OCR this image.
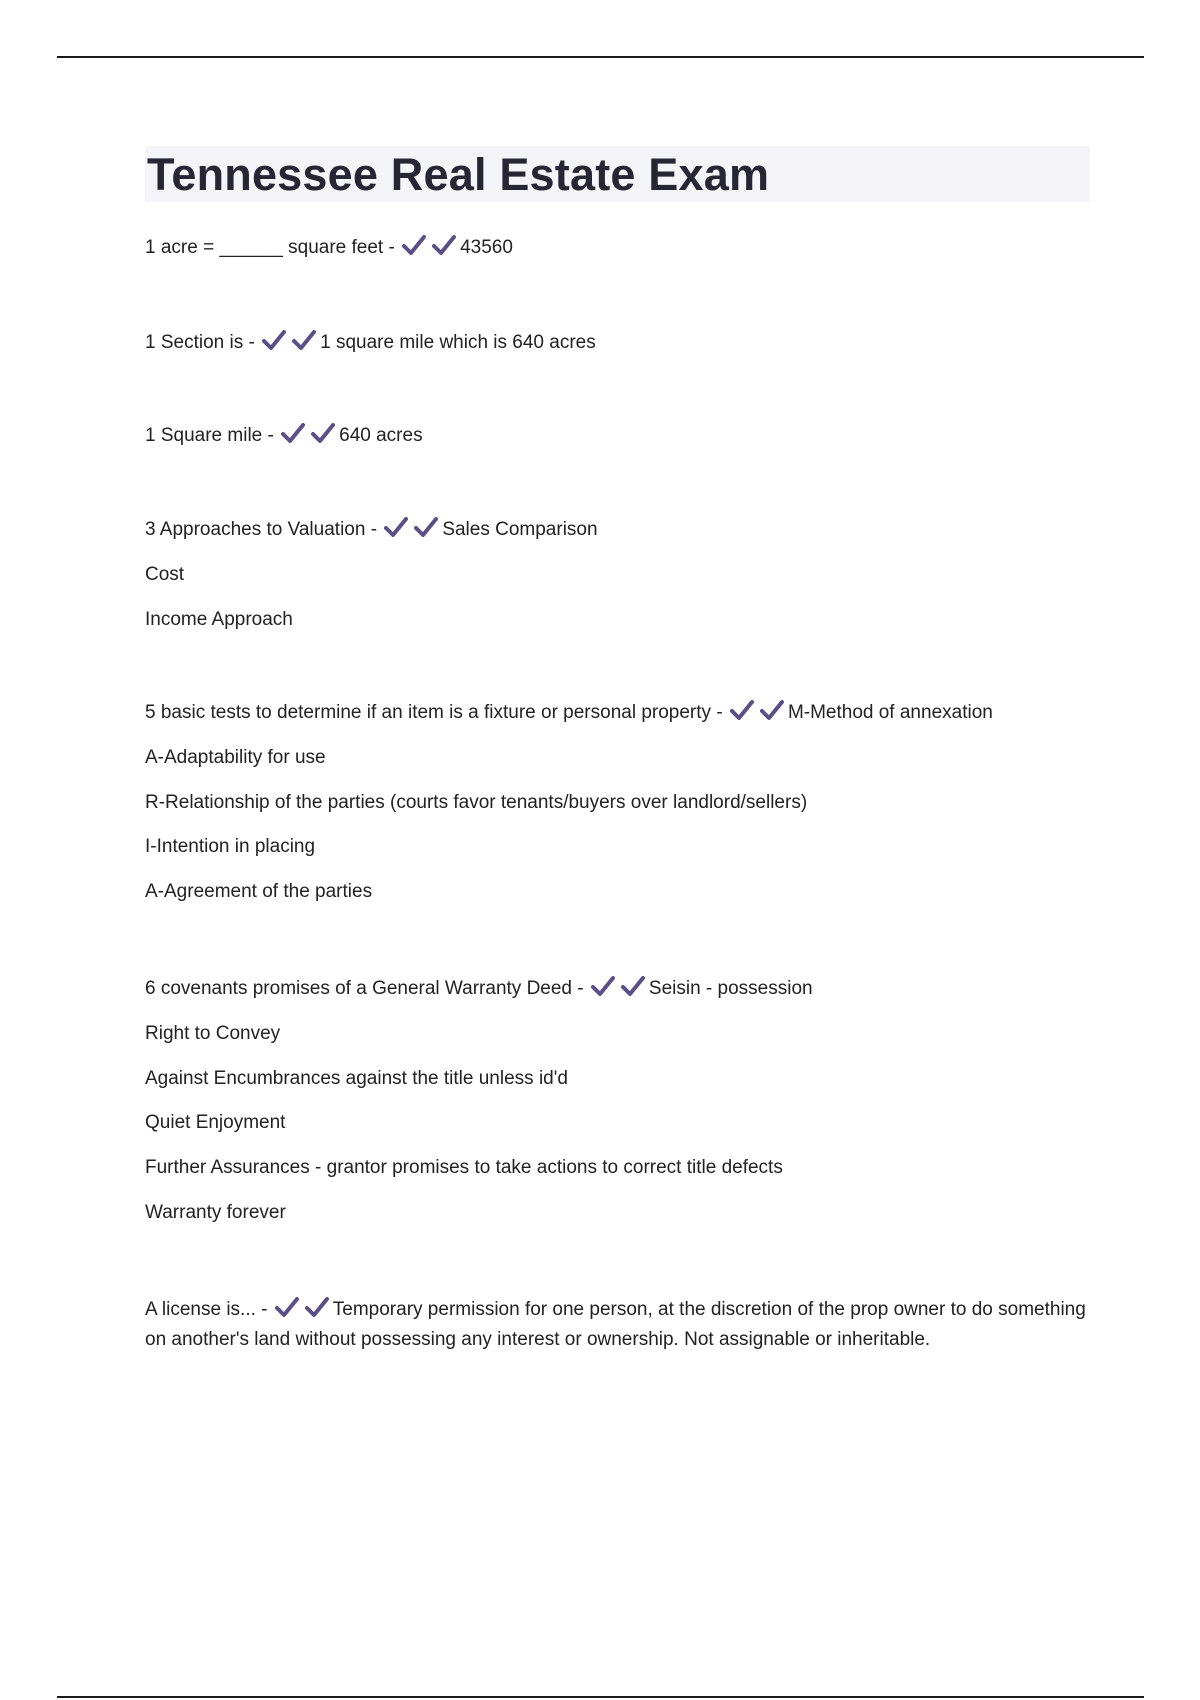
Tennessee Real Estate Exam

1 acre = ______ square feet -	43560

1 Section is -	1 square mile which is 640 acres

1 Square mile -	640 acres

3 Approaches to Valuation -	Sales Comparison

Cost

Income Approach

5 basic tests to determine if an item is a fixture or personal property -	M-Method of annexation

A-Adaptability for use

R-Relationship of the parties (courts favor tenants/buyers over landlord/sellers)

I-Intention in placing

A-Agreement of the parties

6 covenants promises of a General Warranty Deed -	Seisin - possession

Right to Convey

Against Encumbrances against the title unless id'd

Quiet Enjoyment

Further Assurances - grantor promises to take actions to correct title defects

Warranty forever

A license is... -	Temporary permission for one person, at the discretion of the prop owner to do something on another's land without possessing any interest or ownership. Not assignable or inheritable.
